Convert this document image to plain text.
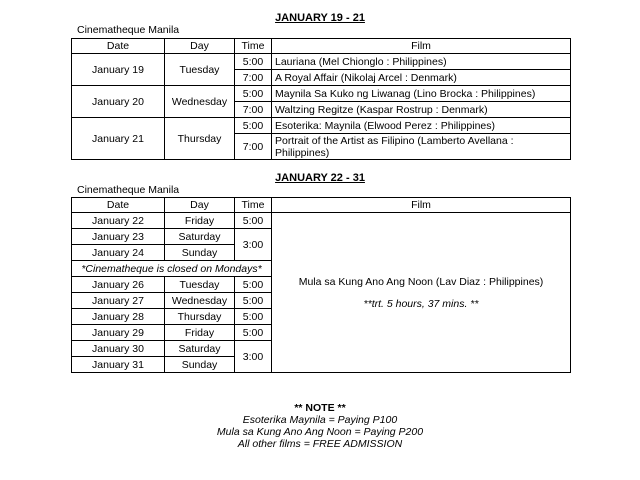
JANUARY 19 - 21
Cinematheque Manila
Date	Day	Time	Film
January 19	Tuesday	5:00	Lauriana (Mel Chionglo : Philippines)
		7:00	A Royal Affair (Nikolaj Arcel : Denmark)
January 20	Wednesday	5:00	Maynila Sa Kuko ng Liwanag (Lino Brocka : Philippines)
		7:00	Waltzing Regitze (Kaspar Rostrup : Denmark)
January 21	Thursday	5:00	Esoterika: Maynila (Elwood Perez : Philippines)
		7:00	Portrait of the Artist as Filipino (Lamberto Avellana : Philippines)
JANUARY 22 - 31
Cinematheque Manila
Date	Day	Time	Film
January 22	Friday	5:00	Mula sa Kung Ano Ang Noon (Lav Diaz : Philippines)
**trt. 5 hours, 37 mins. **

January 23	Saturday	3:00	
January 24	Sunday		
*Cinematheque is closed on Mondays*			
January 26	Tuesday	5:00	
January 27	Wednesday	5:00	
January 28	Thursday	5:00	
January 29	Friday	5:00	
January 30	Saturday	3:00	
January 31	Sunday		
** NOTE **
Esoterika Maynila = Paying P100
Mula sa Kung Ano Ang Noon = Paying P200
All other films = FREE ADMISSION
